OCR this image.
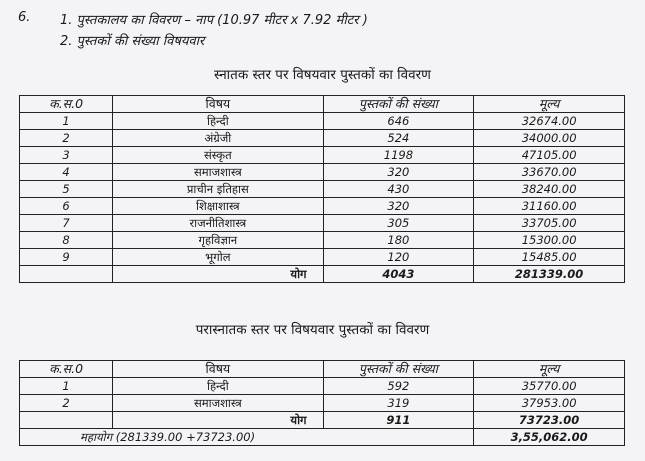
6. 1. पुस्तकालय का विवरण – नाप (10.97 मीटर x 7.92 मीटर )
2. पुस्तकों की संख्या विषयवार
स्नातक स्तर पर विषयवार पुस्तकों का विवरण
क.स.0	विषय	पुस्तकों की संख्या	मूल्य
1	हिन्दी	646	32674.00
2	अंग्रेजी	524	34000.00
3	संस्कृत	1198	47105.00
4	समाजशास्त्र	320	33670.00
5	प्राचीन इतिहास	430	38240.00
6	शिक्षाशास्त्र	320	31160.00
7	राजनीतिशास्त्र	305	33705.00
8	गृहविज्ञान	180	15300.00
9	भूगोल	120	15485.00
	योग	4043	281339.00
परास्नातक स्तर पर विषयवार पुस्तकों का विवरण
क.स.0	विषय	पुस्तकों की संख्या	मूल्य
1	हिन्दी	592	35770.00
2	समाजशास्त्र	319	37953.00
	योग	911	73723.00
महायोग (281339.00 +73723.00)			3,55,062.00
